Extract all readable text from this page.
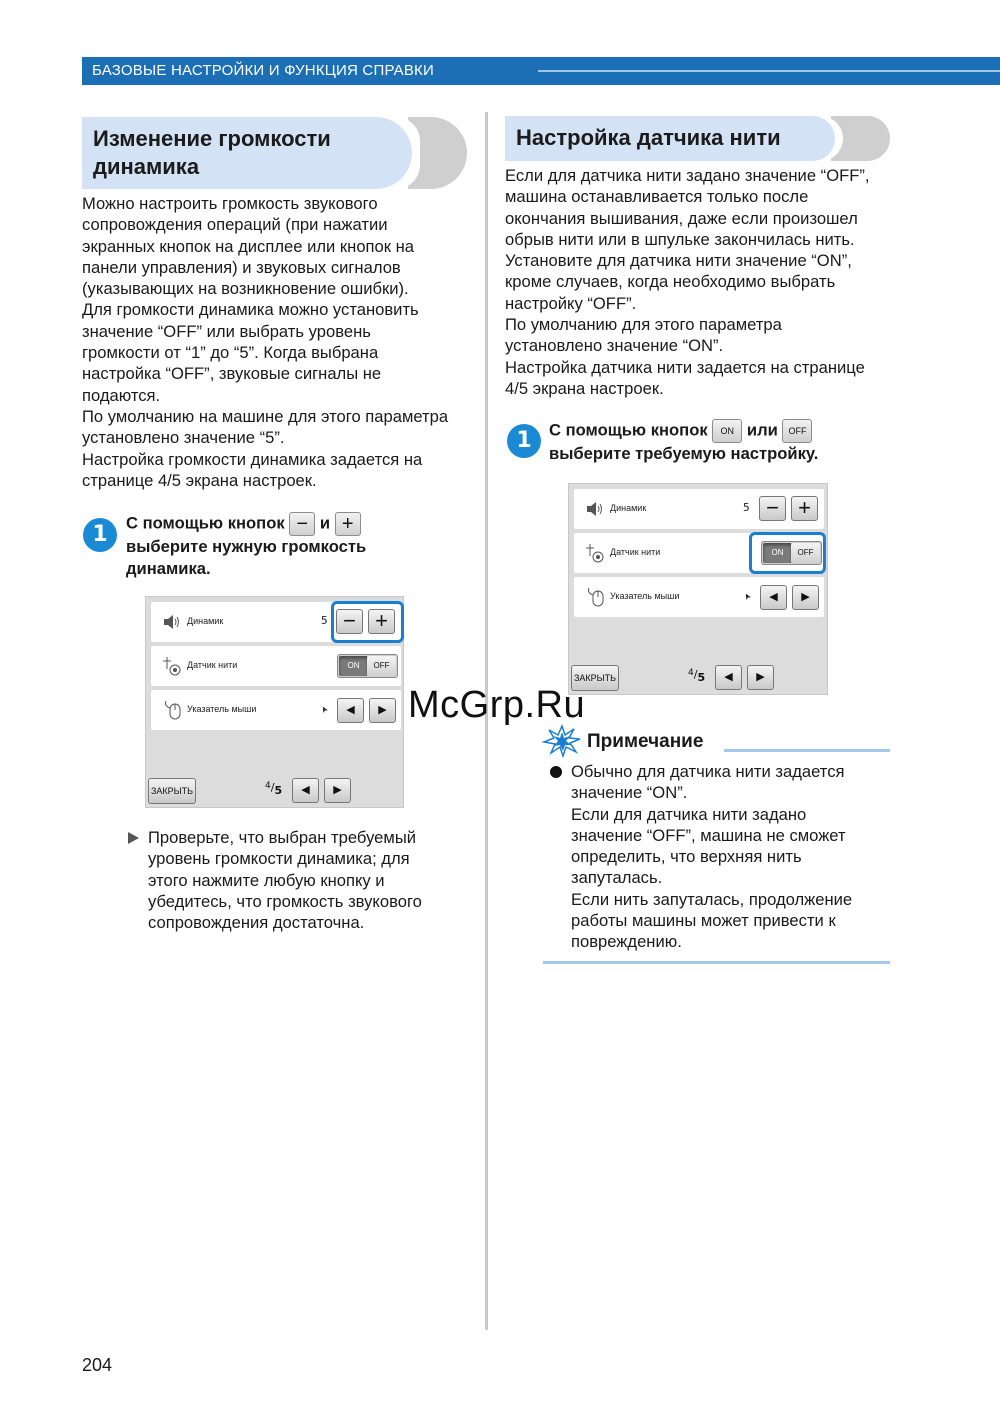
БАЗОВЫЕ НАСТРОЙКИ И ФУНКЦИЯ СПРАВКИ
Изменение громкости
динамика

Можно настроить громкость звукового

сопровождения операций (при нажатии

экранных кнопок на дисплее или кнопок на

панели управления) и звуковых сигналов

(указывающих на возникновение ошибки).

Для громкости динамика можно установить

значение “OFF” или выбрать уровень

громкости от “1” до “5”. Когда выбрана

настройка “OFF”, звуковые сигналы не

подаются.

По умолчанию на машине для этого параметра

установлено значение “5”.

Настройка громкости динамика задается на

странице 4/5 экрана настроек.

1	С помощью кнопок − и +

выберите нужную громкость

динамика.

Динамик	5 − +
Датчик нити	ON	OFF
Указатель мыши	➤	◀	▶
ЗАКРЫТЬ	$^4/_5$	◀	▶

Проверьте, что выбран требуемый

уровень громкости динамика; для

этого нажмите любую кнопку и

убедитесь, что громкость звукового

сопровождения достаточна.

Настройка датчика нити

Если для датчика нити задано значение “OFF”,

машина останавливается только после

окончания вышивания, даже если произошел

обрыв нити или в шпульке закончилась нить.

Установите для датчика нити значение “ON”,

кроме случаев, когда необходимо выбрать

настройку “OFF”.

По умолчанию для этого параметра

установлено значение “ON”.

Настройка датчика нити задается на странице

4/5 экрана настроек.

1	С помощью кнопок ON или OFF

выберите требуемую настройку.

Динамик	5 − +
Датчик нити	ON	OFF
Указатель мыши	➤	◀	▶
ЗАКРЫТЬ	$^4/_5$	◀	▶
McGrp.Ru
Примечание

Обычно для датчика нити задается

значение “ON”.

Если для датчика нити задано

значение “OFF”, машина не сможет

определить, что верхняя нить

запуталась.

Если нить запуталась, продолжение

работы машины может привести к

повреждению.

204
